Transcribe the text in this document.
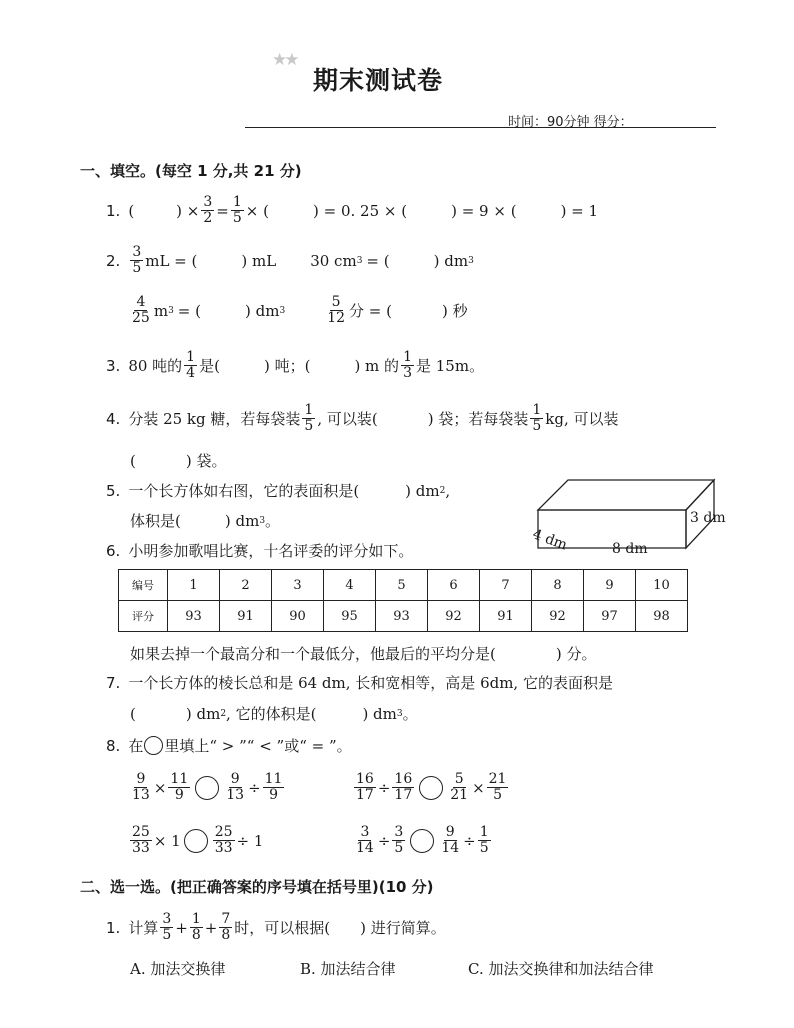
★★
期末测试卷
时间：90分钟 得分：
一、填空。(每空 1 分,共 21 分)
1. (	) × $\frac{3}{2} = \frac{1}{5}$ × (	) = 0. 25 × (	) = 9 × (	) = 1
2. $\frac{3}{5}$ mL = (	) mL 30 cm 3 = (	) dm 3
$\frac{4}{25}$ m 3 = (	) dm 3	$\frac{5}{12}$ 分 = (	) 秒
3. 80 吨的 $\frac{1}{4}$ 是(	) 吨；(	) m 的 $\frac{1}{3}$ 是 15m。
4. 分装 25 kg 糖，若每袋装 $\frac{1}{5}$ , 可以装(	) 袋；若每袋装 $\frac{1}{5}$ kg, 可以装
(	) 袋。
5. 一个长方体如右图，它的表面积是(	) dm 2 ,
体积是(	) dm 3 。	3 dm
8 dm
4 dm
6. 小明参加歌唱比赛，十名评委的评分如下。
编号	1	2	3	4	5	6	7	8	9	10
评分	93	91	90	95	93	92	91	92	97	98
如果去掉一个最高分和一个最低分，他最后的平均分是(	) 分。
7. 一个长方体的棱长总和是 64 dm, 长和宽相等，高是 6dm, 它的表面积是
(	) dm 2 , 它的体积是(	) dm 3 。
8. 在 里填上“ > ”“ < ”或“ = ”。
$\frac{9}{13} \times \frac{11}{9} \frac{9}{13} \div \frac{11}{9}$	$\frac{16}{17} \div \frac{16}{17} \frac{5}{21} \times \frac{21}{5}$
$\frac{25}{33} \times 1 \frac{25}{33} \div 1$	$\frac{3}{14} \div \frac{3}{5} \frac{9}{14} \div \frac{1}{5}$
二、选一选。(把正确答案的序号填在括号里)(10 分)
1. 计算 $\frac{3}{5} + \frac{1}{8} + \frac{7}{8}$ 时，可以根据( ) 进行简算。
A. 加法交换律	B. 加法结合律	C. 加法交换律和加法结合律
